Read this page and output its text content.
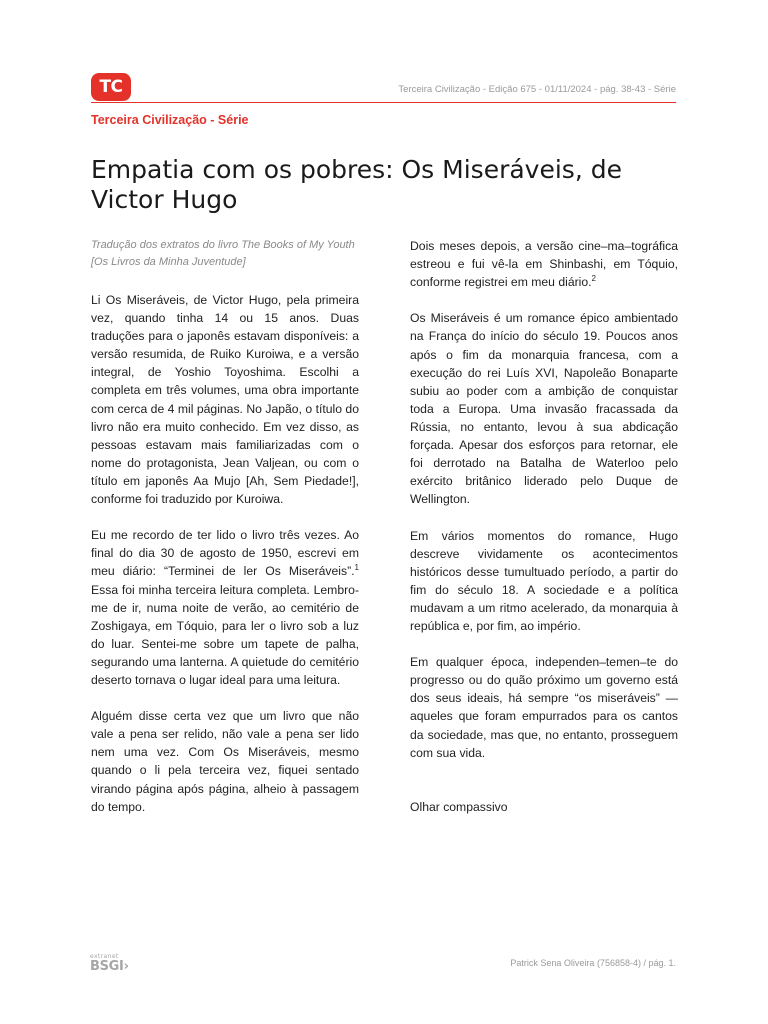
TC	Terceira Civilização - Edição 675 - 01/11/2024 - pág. 38-43 - Série
Terceira Civilização - Série
Empatia com os pobres: Os Miseráveis, de Victor Hugo

Tradução dos extratos do livro The Books of My Youth [Os Livros da Minha Juventude]

Li Os Miseráveis, de Victor Hugo, pela primeira vez, quando tinha 14 ou 15 anos. Duas traduções para o japonês estavam disponíveis: a versão resumida, de Ruiko Kuroiwa, e a versão integral, de Yoshio Toyoshima. Escolhi a completa em três volumes, uma obra importante com cerca de 4 mil páginas. No Japão, o título do livro não era muito conhecido. Em vez disso, as pessoas estavam mais familiarizadas com o nome do protagonista, Jean Valjean, ou com o título em japonês Aa Mujo [Ah, Sem Piedade!], conforme foi traduzido por Kuroiwa.

Eu me recordo de ter lido o livro três vezes. Ao final do dia 30 de agosto de 1950, escrevi em meu diário: “Terminei de ler Os Miseráveis”.$^1$ Essa foi minha terceira leitura completa. Lembro-me de ir, numa noite de verão, ao cemitério de Zoshigaya, em Tóquio, para ler o livro sob a luz do luar. Sentei-me sobre um tapete de palha, segurando uma lanterna. A quietude do cemitério deserto tornava o lugar ideal para uma leitura.

Alguém disse certa vez que um livro que não vale a pena ser relido, não vale a pena ser lido nem uma vez. Com Os Miseráveis, mesmo quando o li pela terceira vez, fiquei sentado virando página após página, alheio à passagem do tempo.

Dois meses depois, a versão cine–ma–tográfica estreou e fui vê-la em Shinbashi, em Tóquio, conforme registrei em meu diário.$^2$

Os Miseráveis é um romance épico ambientado na França do início do século 19. Poucos anos após o fim da monarquia francesa, com a execução do rei Luís XVI, Napoleão Bonaparte subiu ao poder com a ambição de conquistar toda a Europa. Uma invasão fracassada da Rússia, no entanto, levou à sua abdicação forçada. Apesar dos esforços para retornar, ele foi derrotado na Batalha de Waterloo pelo exército britânico liderado pelo Duque de Wellington.

Em vários momentos do romance, Hugo descreve vividamente os acontecimentos históricos desse tumultuado período, a partir do fim do século 18. A sociedade e a política mudavam a um ritmo acelerado, da monarquia à república e, por fim, ao império.

Em qualquer época, independen–temen–te do progresso ou do quão próximo um governo está dos seus ideais, há sempre “os miseráveis” — aqueles que foram empurrados para os cantos da sociedade, mas que, no entanto, prosseguem com sua vida.

Olhar compassivo

extranet
BSGI›	Patrick Sena Oliveira (756858-4) / pág. 1.
